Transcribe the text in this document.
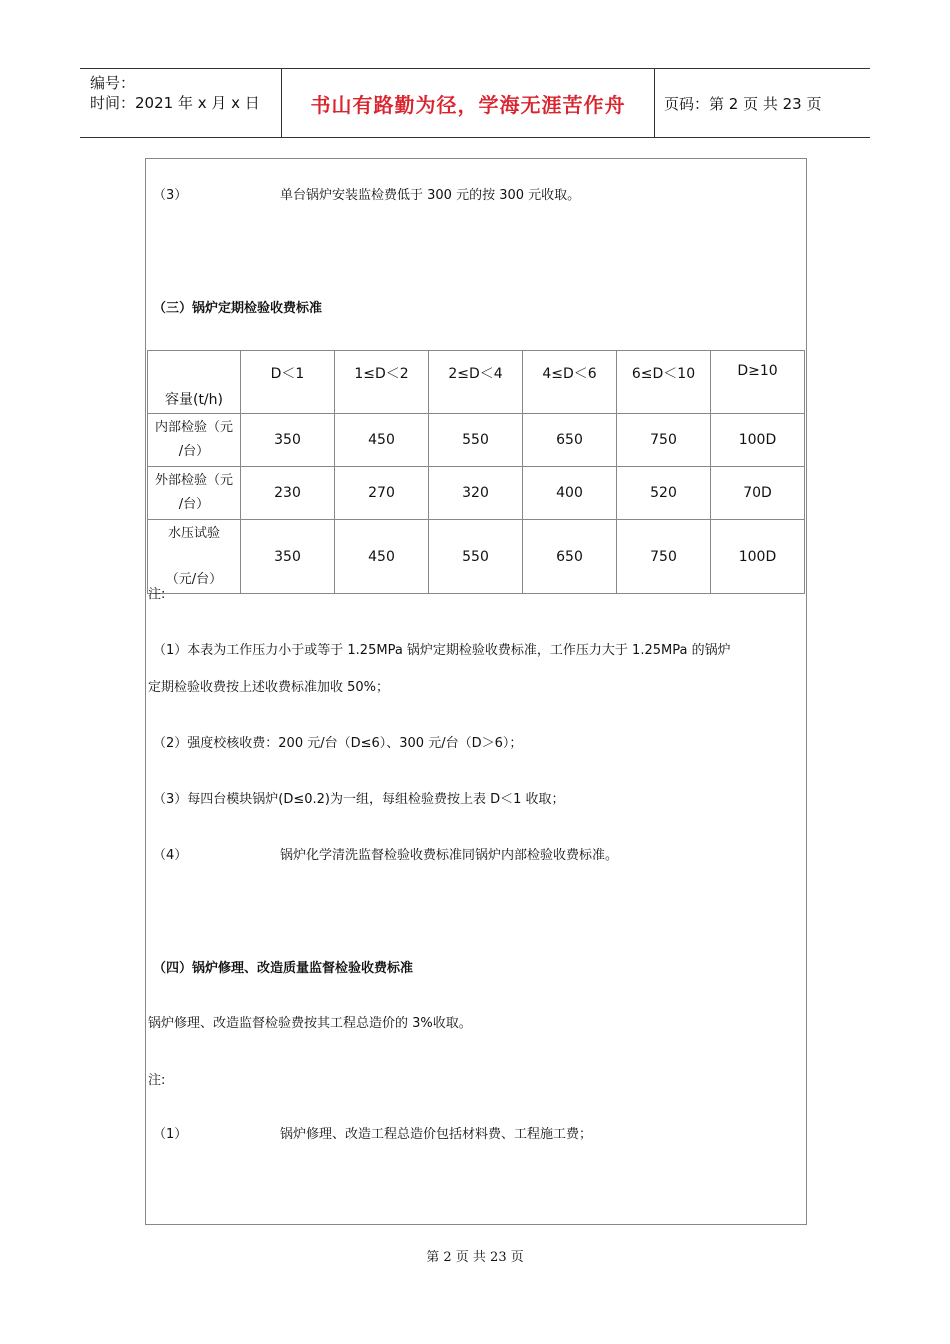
编号：
时间：2021 年 x 月 x 日	书山有路勤为径，学海无涯苦作舟	页码：第 2 页 共 23 页
（3）	单台锅炉安装监检费低于 300 元的按 300 元收取。
（三）锅炉定期检验收费标准
容量(t/h)	D＜1	1≤D＜2	2≤D＜4	4≤D＜6	6≤D＜10	D≥10

内部检验（元
/台）	350	450	550	650	750	100D

外部检验（元
/台）	230	270	320	400	520	70D

水压试验
（元/台）	350	450	550	650	750	100D
注:
（1）本表为工作压力小于或等于 1.25MPa 锅炉定期检验收费标准，工作压力大于 1.25MPa 的锅炉
定期检验收费按上述收费标准加收 50%；
（2）强度校核收费：200 元/台（D≤6）、300 元/台（D＞6）；
（3）每四台模块锅炉(D≤0.2)为一组，每组检验费按上表 D＜1 收取；
（4）	锅炉化学清洗监督检验收费标准同锅炉内部检验收费标准。
（四）锅炉修理、改造质量监督检验收费标准
锅炉修理、改造监督检验费按其工程总造价的 3%收取。
注:
（1）	锅炉修理、改造工程总造价包括材料费、工程施工费；
第 2 页 共 23 页
